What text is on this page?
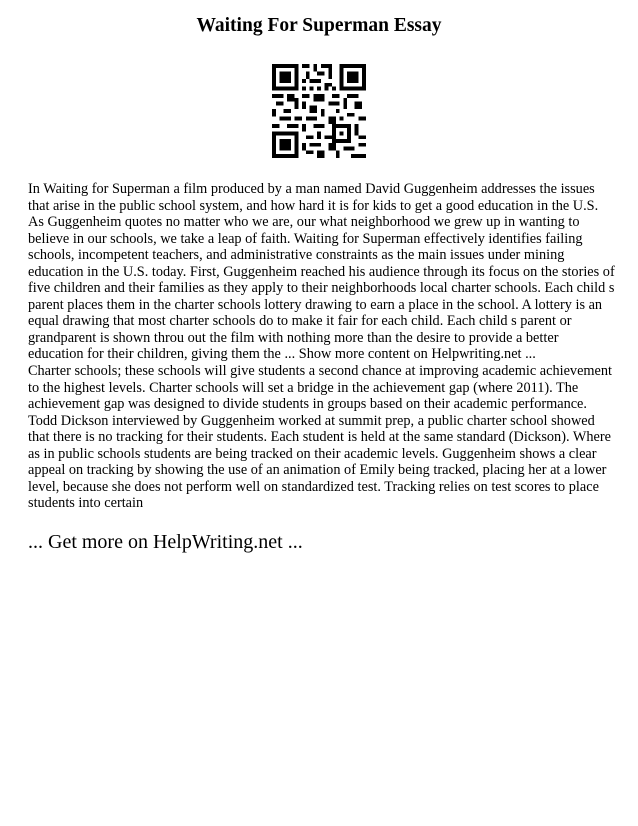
Waiting For Superman Essay
In Waiting for Superman a film produced by a man named David Guggenheim addresses the issues
that arise in the public school system, and how hard it is for kids to get a good education in the U.S.
As Guggenheim quotes no matter who we are, our what neighborhood we grew up in wanting to
believe in our schools, we take a leap of faith. Waiting for Superman effectively identifies failing
schools, incompetent teachers, and administrative constraints as the main issues under mining
education in the U.S. today. First, Guggenheim reached his audience through its focus on the stories of
five children and their families as they apply to their neighborhoods local charter schools. Each child s
parent places them in the charter schools lottery drawing to earn a place in the school. A lottery is an
equal drawing that most charter schools do to make it fair for each child. Each child s parent or
grandparent is shown throu out the film with nothing more than the desire to provide a better
education for their children, giving them the ... Show more content on Helpwriting.net ...
Charter schools; these schools will give students a second chance at improving academic achievement
to the highest levels. Charter schools will set a bridge in the achievement gap (where 2011). The
achievement gap was designed to divide students in groups based on their academic performance.
Todd Dickson interviewed by Guggenheim worked at summit prep, a public charter school showed
that there is no tracking for their students. Each student is held at the same standard (Dickson). Where
as in public schools students are being tracked on their academic levels. Guggenheim shows a clear
appeal on tracking by showing the use of an animation of Emily being tracked, placing her at a lower
level, because she does not perform well on standardized test. Tracking relies on test scores to place
students into certain

... Get more on HelpWriting.net ...
